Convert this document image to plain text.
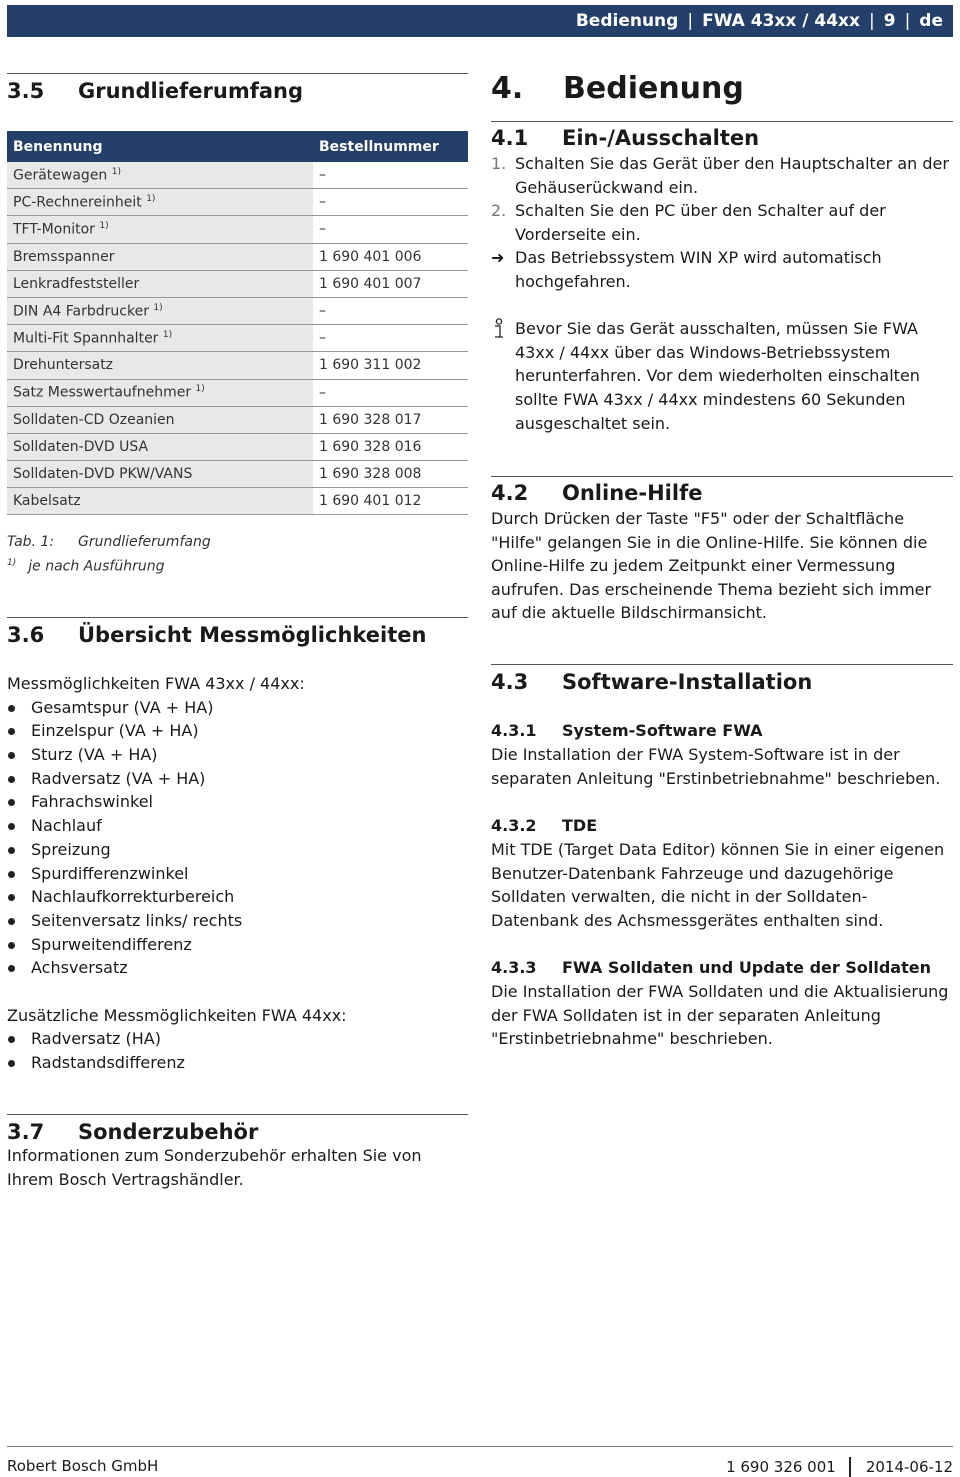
Bedienung | FWA 43xx / 44xx | 9 | de
3.5	Grundlieferumfang
Benennung	Bestellnummer
Gerätewagen $^{1)}$	–
PC-Rechnereinheit $^{1)}$	–
TFT-Monitor $^{1)}$	–
Bremsspanner	1 690 401 006
Lenkradfeststeller	1 690 401 007
DIN A4 Farbdrucker $^{1)}$	–
Multi-Fit Spannhalter $^{1)}$	–
Drehuntersatz	1 690 311 002
Satz Messwertaufnehmer $^{1)}$	–
Solldaten-CD Ozeanien	1 690 328 017
Solldaten-DVD USA	1 690 328 016
Solldaten-DVD PKW/VANS	1 690 328 008
Kabelsatz	1 690 401 012
Tab. 1: Grundlieferumfang
$^{1)}$ je nach Ausführung
3.6	Übersicht Messmöglichkeiten
Messmöglichkeiten FWA 43xx / 44xx:
Gesamtspur (VA + HA)
Einzelspur (VA + HA)
Sturz (VA + HA)
Radversatz (VA + HA)
Fahrachswinkel
Nachlauf
Spreizung
Spurdifferenzwinkel
Nachlaufkorrekturbereich
Seitenversatz links/ rechts
Spurweitendifferenz
Achsversatz
Zusätzliche Messmöglichkeiten FWA 44xx:
Radversatz (HA)
Radstandsdifferenz
3.7	Sonderzubehör
Informationen zum Sonderzubehör erhalten Sie von Ihrem Bosch Vertragshändler.
4.	Bedienung
4.1	Ein-/Ausschalten
1. Schalten Sie das Gerät über den Hauptschalter an der Gehäuserückwand ein.
2. Schalten Sie den PC über den Schalter auf der Vorderseite ein.
➜ Das Betriebssystem WIN XP wird automatisch hochgefahren.
Bevor Sie das Gerät ausschalten, müssen Sie FWA 43xx / 44xx über das Windows-Betriebssystem herunterfahren. Vor dem wiederholten einschalten sollte FWA 43xx / 44xx mindestens 60 Sekunden ausgeschaltet sein.
4.2	Online-Hilfe
Durch Drücken der Taste "F5" oder der Schaltfläche "Hilfe" gelangen Sie in die Online-Hilfe. Sie können die Online-Hilfe zu jedem Zeitpunkt einer Vermessung aufrufen. Das erscheinende Thema bezieht sich immer auf die aktuelle Bildschirmansicht.
4.3	Software-Installation
4.3.1	System-Software FWA
Die Installation der FWA System-Software ist in der separaten Anleitung "Erstinbetriebnahme" beschrieben.
4.3.2	TDE
Mit TDE (Target Data Editor) können Sie in einer eigenen Benutzer-Datenbank Fahrzeuge und dazugehörige Solldaten verwalten, die nicht in der Solldaten-Datenbank des Achsmessgerätes enthalten sind.
4.3.3	FWA Solldaten und Update der Solldaten
Die Installation der FWA Solldaten und die Aktualisierung der FWA Solldaten ist in der separaten Anleitung "Erstinbetriebnahme" beschrieben.
Robert Bosch GmbH	1 690 326 001 2014-06-12
